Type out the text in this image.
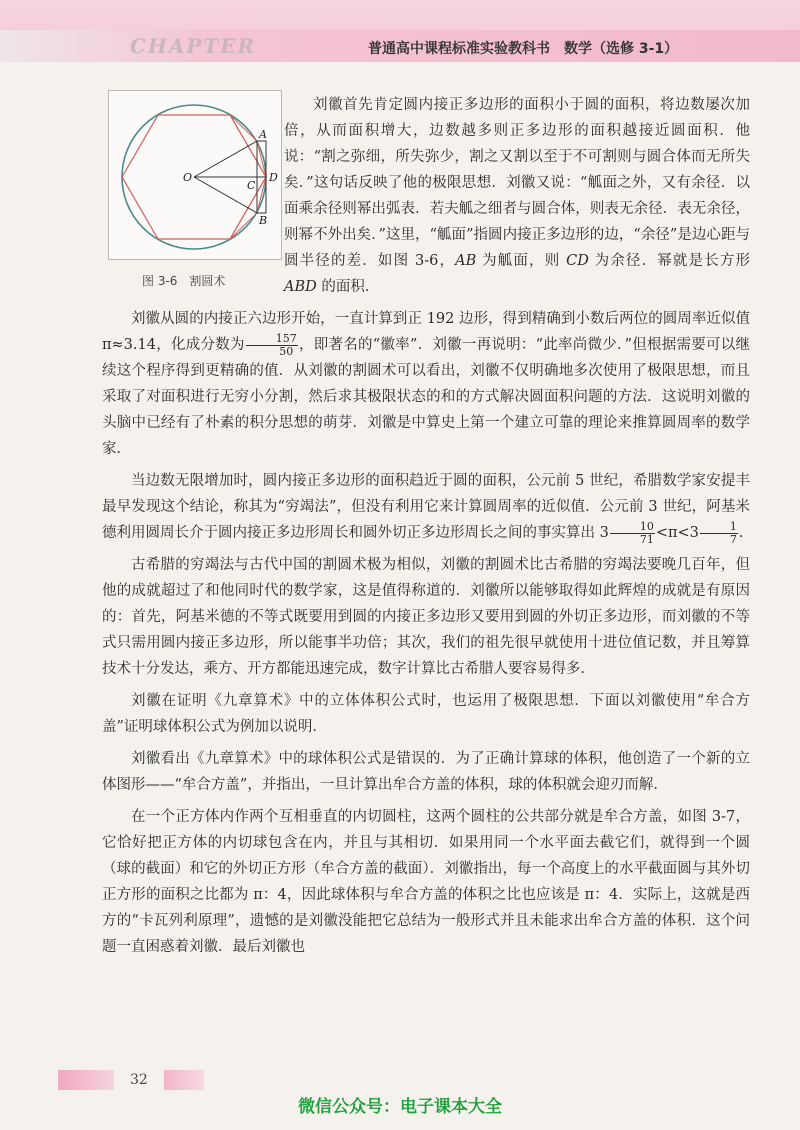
CHAPTER	普通高中课程标准实验教科书　数学（选修 3-1）
O
A
B
C
D
图 3-6　割圆术

刘徽首先肯定圆内接正多边形的面积小于圆的面积，将边数屡次加倍，从而面积增大，边数越多则正多边形的面积越接近圆面积．他说：“割之弥细，所失弥少，割之又割以至于不可割则与圆合体而无所失矣．”这句话反映了他的极限思想．刘徽又说：“觚面之外，又有余径．以面乘余径则幂出弧表．若夫觚之细者与圆合体，则表无余径．表无余径，则幂不外出矣．”这里，“觚面”指圆内接正多边形的边，“余径”是边心距与圆半径的差．如图 3-6，AB 为觚面，则 CD 为余径．幂就是长方形 ABD 的面积．

刘徽从圆的内接正六边形开始，一直计算到正 192 边形，得到精确到小数后两位的圆周率近似值 π≈3.14，化成分数为 $\frac{157}{50}$ ，即著名的“徽率”．刘徽一再说明：“此率尚微少．”但根据需要可以继续这个程序得到更精确的值．从刘徽的割圆术可以看出，刘徽不仅明确地多次使用了极限思想，而且采取了对面积进行无穷小分割，然后求其极限状态的和的方式解决圆面积问题的方法．这说明刘徽的头脑中已经有了朴素的积分思想的萌芽．刘徽是中算史上第一个建立可靠的理论来推算圆周率的数学家．

当边数无限增加时，圆内接正多边形的面积趋近于圆的面积，公元前 5 世纪，希腊数学家安提丰最早发现这个结论，称其为“穷竭法”，但没有利用它来计算圆周率的近似值．公元前 3 世纪，阿基米德利用圆周长介于圆内接正多边形周长和圆外切正多边形周长之间的事实算出 $3 \frac{10}{71} <\pi<3 \frac{1}{7}$ .

古希腊的穷竭法与古代中国的割圆术极为相似，刘徽的割圆术比古希腊的穷竭法要晚几百年，但他的成就超过了和他同时代的数学家，这是值得称道的．刘徽所以能够取得如此辉煌的成就是有原因的：首先，阿基米德的不等式既要用到圆的内接正多边形又要用到圆的外切正多边形，而刘徽的不等式只需用圆内接正多边形，所以能事半功倍；其次，我们的祖先很早就使用十进位值记数，并且筹算技术十分发达，乘方、开方都能迅速完成，数字计算比古希腊人要容易得多．

刘徽在证明《九章算术》中的立体体积公式时，也运用了极限思想．下面以刘徽使用“牟合方盖”证明球体积公式为例加以说明．

刘徽看出《九章算术》中的球体积公式是错误的．为了正确计算球的体积，他创造了一个新的立体图形——“牟合方盖”，并指出，一旦计算出牟合方盖的体积，球的体积就会迎刃而解．

在一个正方体内作两个互相垂直的内切圆柱，这两个圆柱的公共部分就是牟合方盖，如图 3-7，它恰好把正方体的内切球包含在内，并且与其相切．如果用同一个水平面去截它们，就得到一个圆（球的截面）和它的外切正方形（牟合方盖的截面）．刘徽指出，每一个高度上的水平截面圆与其外切正方形的面积之比都为 π：4，因此球体积与牟合方盖的体积之比也应该是 π：4．实际上，这就是西方的“卡瓦列利原理”，遗憾的是刘徽没能把它总结为一般形式并且未能求出牟合方盖的体积．这个问题一直困惑着刘徽．最后刘徽也

32
微信公众号：电子课本大全
